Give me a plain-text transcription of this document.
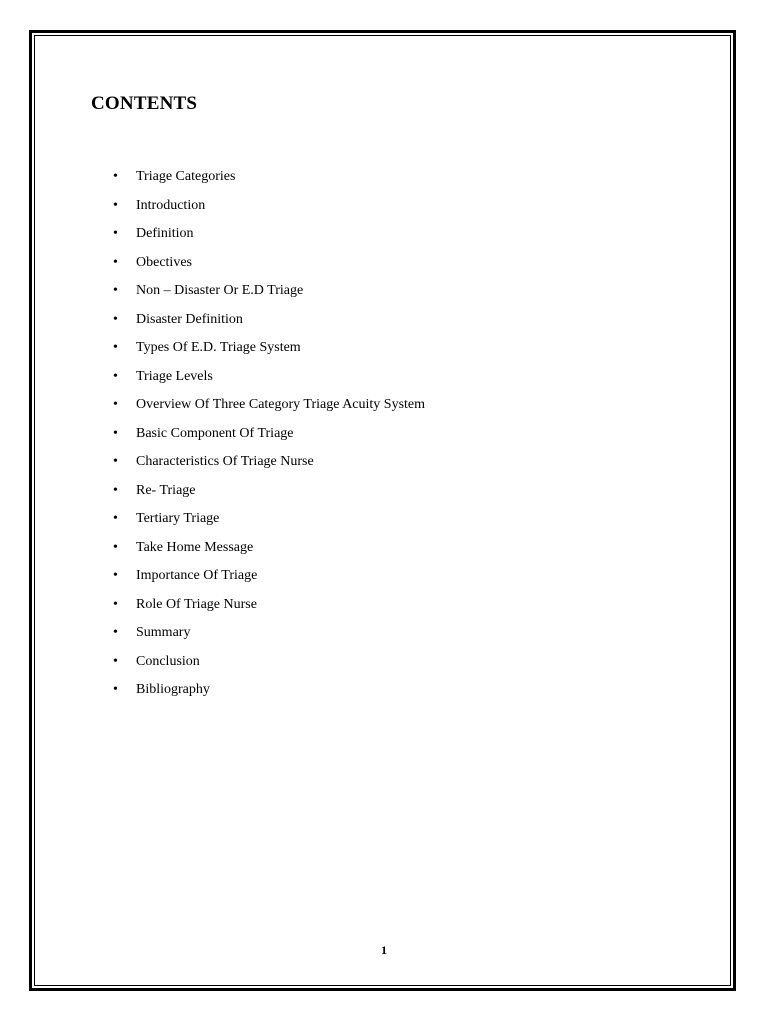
CONTENTS
• Triage Categories
• Introduction
• Definition
• Obectives
• Non – Disaster Or E.D Triage
• Disaster Definition
• Types Of E.D. Triage System
• Triage Levels
• Overview Of Three Category Triage Acuity System
• Basic Component Of Triage
• Characteristics Of Triage Nurse
• Re- Triage
• Tertiary Triage
• Take Home Message
• Importance Of Triage
• Role Of Triage Nurse
• Summary
• Conclusion
• Bibliography
1
